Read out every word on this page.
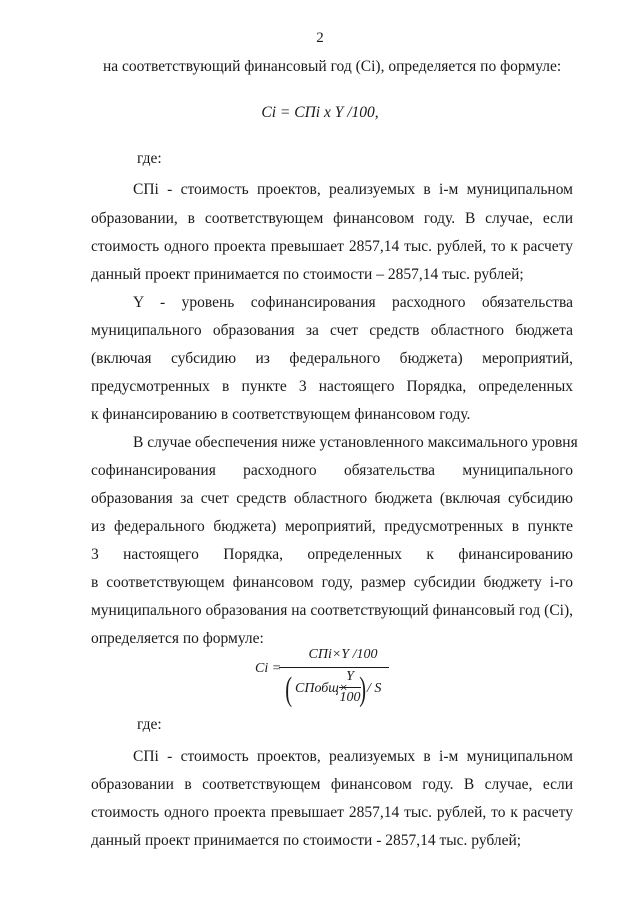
2
на соответствующий финансовый год (Ci), определяется по формуле:
Ci = СПi x Y /100,
где:
СПi - стоимость проектов, реализуемых в i-м муниципальном
образовании, в соответствующем финансовом году. В случае, если
стоимость одного проекта превышает 2857,14 тыс. рублей, то к расчету
данный проект принимается по стоимости – 2857,14 тыс. рублей;
Y - уровень софинансирования расходного обязательства
муниципального образования за счет средств областного бюджета
(включая субсидию из федерального бюджета) мероприятий,
предусмотренных в пункте 3 настоящего Порядка, определенных
к финансированию в соответствующем финансовом году.
В случае обеспечения ниже установленного максимального уровня
софинансирования расходного обязательства муниципального
образования за счет средств областного бюджета (включая субсидию
из федерального бюджета) мероприятий, предусмотренных в пункте
3 настоящего Порядка, определенных к финансированию
в соответствующем финансовом году, размер субсидии бюджету i-го
муниципального образования на соответствующий финансовый год (Ci),
определяется по формуле:
Ci =
СПi×Y /100
( СПобщ×
Y
100
) / S
где:
СПi - стоимость проектов, реализуемых в i-м муниципальном
образовании в соответствующем финансовом году. В случае, если
стоимость одного проекта превышает 2857,14 тыс. рублей, то к расчету
данный проект принимается по стоимости - 2857,14 тыс. рублей;
